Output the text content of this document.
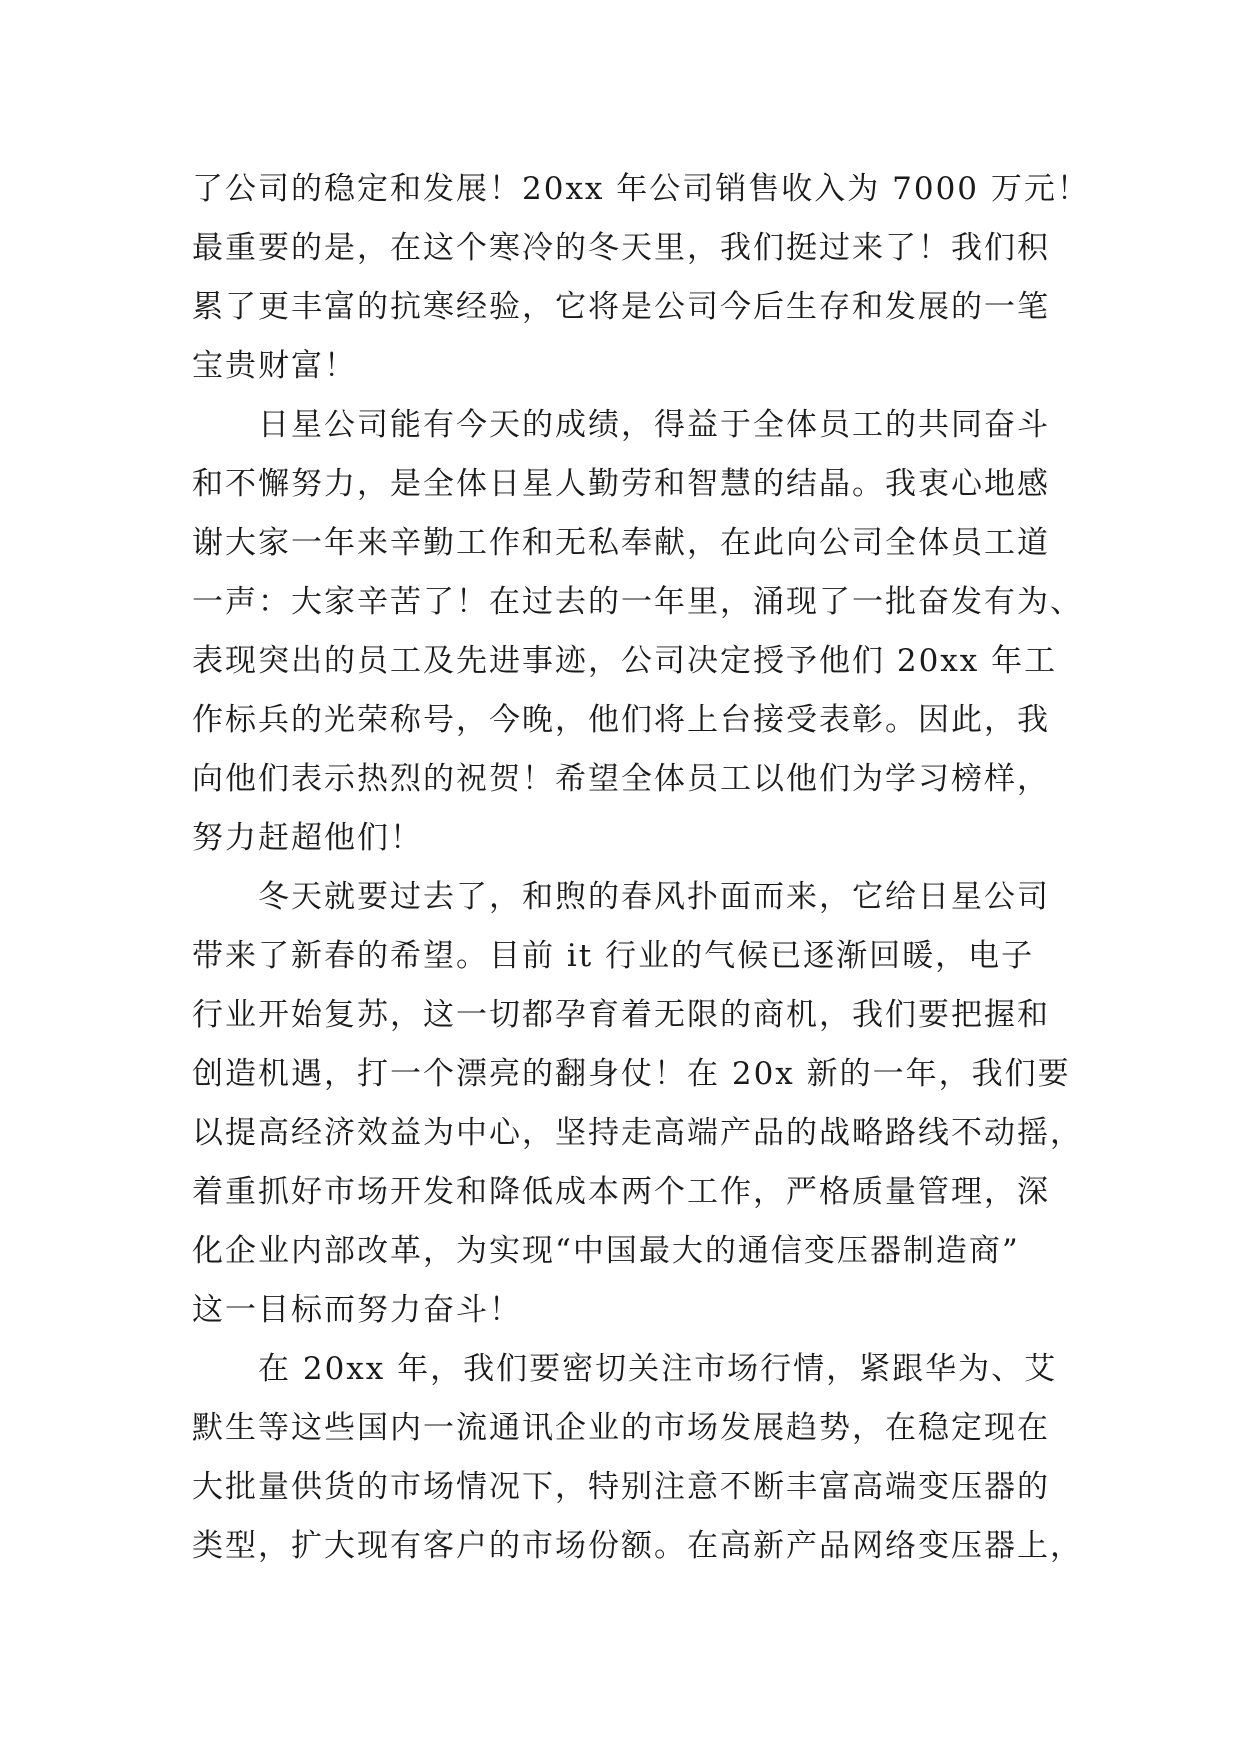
了公司的稳定和发展！20xx 年公司销售收入为 7000 万元！

最重要的是，在这个寒冷的冬天里，我们挺过来了！我们积

累了更丰富的抗寒经验，它将是公司今后生存和发展的一笔

宝贵财富！

日星公司能有今天的成绩，得益于全体员工的共同奋斗

和不懈努力，是全体日星人勤劳和智慧的结晶。我衷心地感

谢大家一年来辛勤工作和无私奉献，在此向公司全体员工道

一声：大家辛苦了！在过去的一年里，涌现了一批奋发有为、

表现突出的员工及先进事迹，公司决定授予他们 20xx 年工

作标兵的光荣称号，今晚，他们将上台接受表彰。因此，我

向他们表示热烈的祝贺！希望全体员工以他们为学习榜样，

努力赶超他们！

冬天就要过去了，和煦的春风扑面而来，它给日星公司

带来了新春的希望。目前 it 行业的气候已逐渐回暖，电子

行业开始复苏，这一切都孕育着无限的商机，我们要把握和

创造机遇，打一个漂亮的翻身仗！在 20x 新的一年，我们要

以提高经济效益为中心，坚持走高端产品的战略路线不动摇，

着重抓好市场开发和降低成本两个工作，严格质量管理，深

化企业内部改革，为实现“中国最大的通信变压器制造商”

这一目标而努力奋斗！

在 20xx 年，我们要密切关注市场行情，紧跟华为、艾

默生等这些国内一流通讯企业的市场发展趋势，在稳定现在

大批量供货的市场情况下，特别注意不断丰富高端变压器的

类型，扩大现有客户的市场份额。在高新产品网络变压器上，
